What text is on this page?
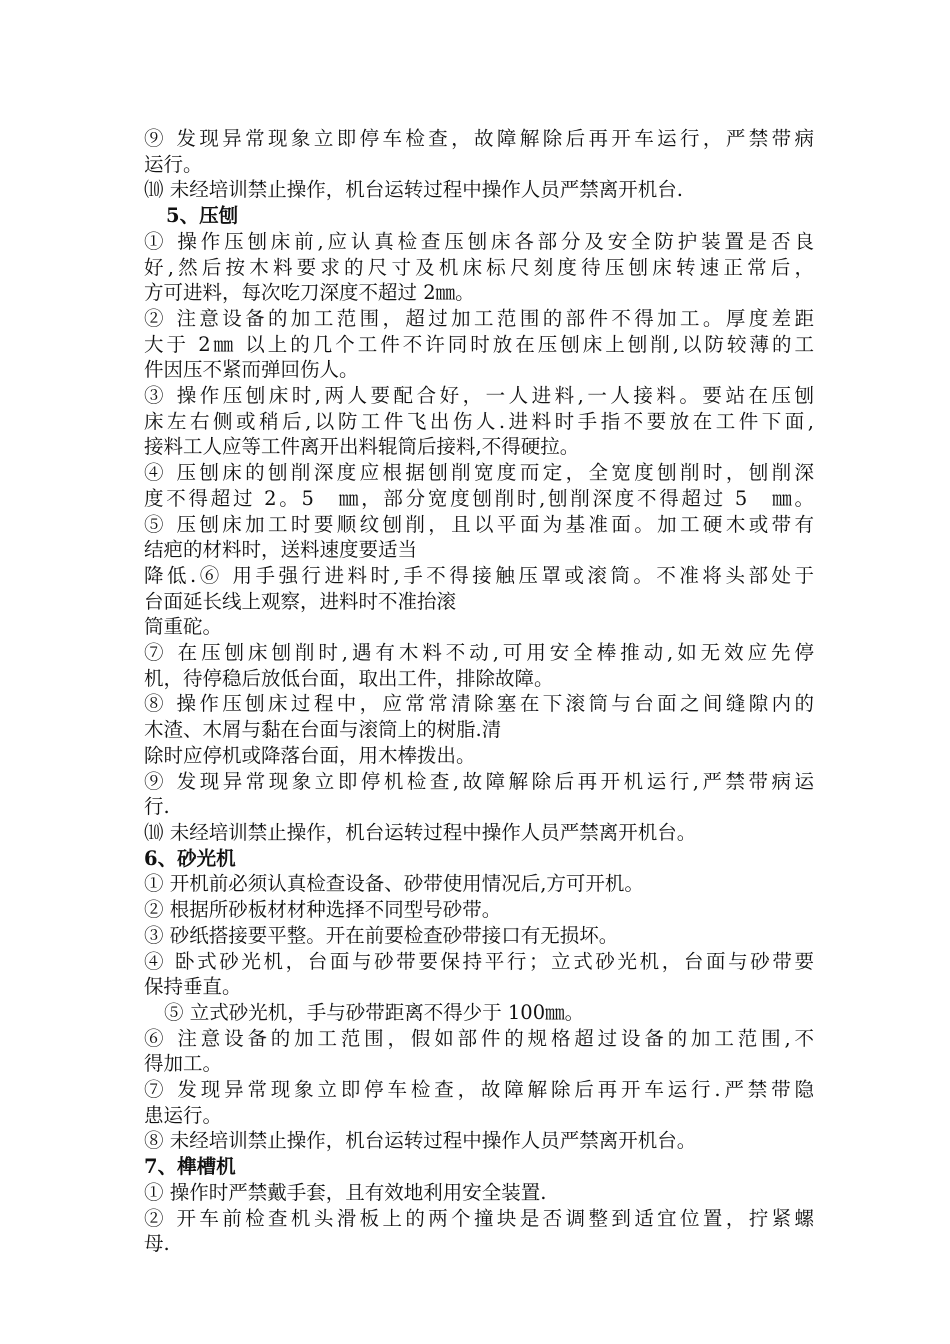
⑨ 发现异常现象立即停车检查，故障解除后再开车运行，严禁带病
运行。
⑽ 未经培训禁止操作，机台运转过程中操作人员严禁离开机台.
5、压刨
① 操作压刨床前,应认真检查压刨床各部分及安全防护装置是否良
好,然后按木料要求的尺寸及机床标尺刻度待压刨床转速正常后，
方可进料，每次吃刀深度不超过 2㎜。
② 注意设备的加工范围，超过加工范围的部件不得加工。厚度差距
大于 2㎜ 以上的几个工件不许同时放在压刨床上刨削,以防较薄的工
件因压不紧而弹回伤人。
③ 操作压刨床时,两人要配合好，一人进料,一人接料。要站在压刨
床左右侧或稍后,以防工件飞出伤人.进料时手指不要放在工件下面,
接料工人应等工件离开出料辊筒后接料,不得硬拉。
④ 压刨床的刨削深度应根据刨削宽度而定，全宽度刨削时，刨削深
度不得超过 2。5　㎜，部分宽度刨削时,刨削深度不得超过 5　㎜。
⑤ 压刨床加工时要顺纹刨削，且以平面为基准面。加工硬木或带有
结疤的材料时，送料速度要适当
降低.⑥ 用手强行进料时,手不得接触压罩或滚筒。不准将头部处于
台面延长线上观察，进料时不准抬滚
筒重砣。
⑦ 在压刨床刨削时,遇有木料不动,可用安全棒推动,如无效应先停
机，待停稳后放低台面，取出工件，排除故障。
⑧ 操作压刨床过程中，应常常清除塞在下滚筒与台面之间缝隙内的
木渣、木屑与黏在台面与滚筒上的树脂.清
除时应停机或降落台面，用木棒拨出。
⑨ 发现异常现象立即停机检查,故障解除后再开机运行,严禁带病运
行.
⑽ 未经培训禁止操作，机台运转过程中操作人员严禁离开机台。
6、砂光机
① 开机前必须认真检查设备、砂带使用情况后,方可开机。
② 根据所砂板材材种选择不同型号砂带。
③ 砂纸搭接要平整。开在前要检查砂带接口有无损坏。
④ 卧式砂光机，台面与砂带要保持平行；立式砂光机，台面与砂带要
保持垂直。
⑤ 立式砂光机，手与砂带距离不得少于 100㎜。
⑥ 注意设备的加工范围，假如部件的规格超过设备的加工范围,不
得加工。
⑦ 发现异常现象立即停车检查，故障解除后再开车运行.严禁带隐
患运行。
⑧ 未经培训禁止操作，机台运转过程中操作人员严禁离开机台。
7、榫槽机
① 操作时严禁戴手套，且有效地利用安全装置.
② 开车前检查机头滑板上的两个撞块是否调整到适宜位置，拧紧螺
母.
